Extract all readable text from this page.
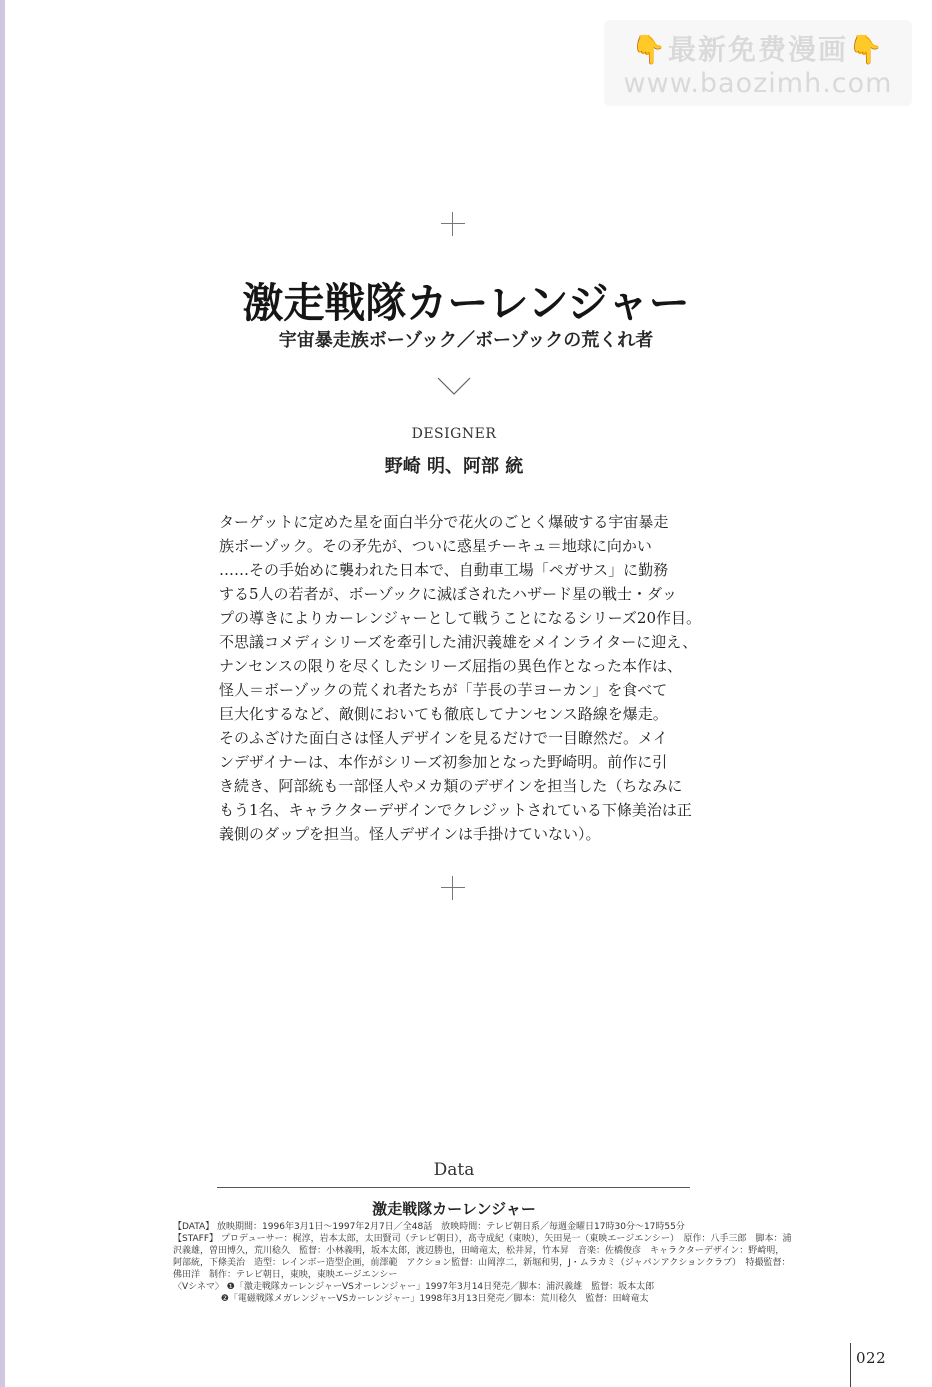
👇最新免费漫画👇
www.baozimh.com
激走戦隊カーレンジャー
宇宙暴走族ボーゾック／ボーゾックの荒くれ者
DESIGNER
野崎 明、阿部 統
ターゲットに定めた星を面白半分で花火のごとく爆破する宇宙暴走
族ボーゾック。その矛先が、ついに惑星チーキュ＝地球に向かい
……その手始めに襲われた日本で、自動車工場「ペガサス」に勤務
する5人の若者が、ボーゾックに滅ぼされたハザード星の戦士・ダッ
プの導きによりカーレンジャーとして戦うことになるシリーズ20作目。
不思議コメディシリーズを牽引した浦沢義雄をメインライターに迎え、
ナンセンスの限りを尽くしたシリーズ屈指の異色作となった本作は、
怪人＝ボーゾックの荒くれ者たちが「芋長の芋ヨーカン」を食べて
巨大化するなど、敵側においても徹底してナンセンス路線を爆走。
そのふざけた面白さは怪人デザインを見るだけで一目瞭然だ。メイ
ンデザイナーは、本作がシリーズ初参加となった野崎明。前作に引
き続き、阿部統も一部怪人やメカ類のデザインを担当した（ちなみに
もう1名、キャラクターデザインでクレジットされている下條美治は正
義側のダップを担当。怪人デザインは手掛けていない）。
Data
激走戦隊カーレンジャー
【DATA】 放映期間：1996年3月1日〜1997年2月7日／全48話　放映時間：テレビ朝日系／毎週金曜日17時30分〜17時55分
【STAFF】 プロデューサー：梶淳，岩本太郎，太田賢司（テレビ朝日），髙寺成紀（東映），矢田晃一（東映エージエンシー）　原作：八手三郎　脚本：浦
沢義雄，曽田博久，荒川稔久　監督：小林義明，坂本太郎，渡辺勝也，田﨑竜太，松井昇，竹本昇　音楽：佐橋俊彦　キャラクターデザイン：野崎明，
阿部統，下條美治　造型：レインボー造型企画，前澤範　アクション監督：山岡淳二，新堀和男，J・ムラカミ（ジャパンアクションクラブ）　特撮監督：
佛田洋　制作：テレビ朝日，東映，東映エージエンシー
〈Vシネマ〉 ❶「激走戦隊カーレンジャーVSオーレンジャー」1997年3月14日発売／脚本：浦沢義雄　監督：坂本太郎
　　　　　 ❷「電磁戦隊メガレンジャーVSカーレンジャー」1998年3月13日発売／脚本：荒川稔久　監督：田﨑竜太
022
